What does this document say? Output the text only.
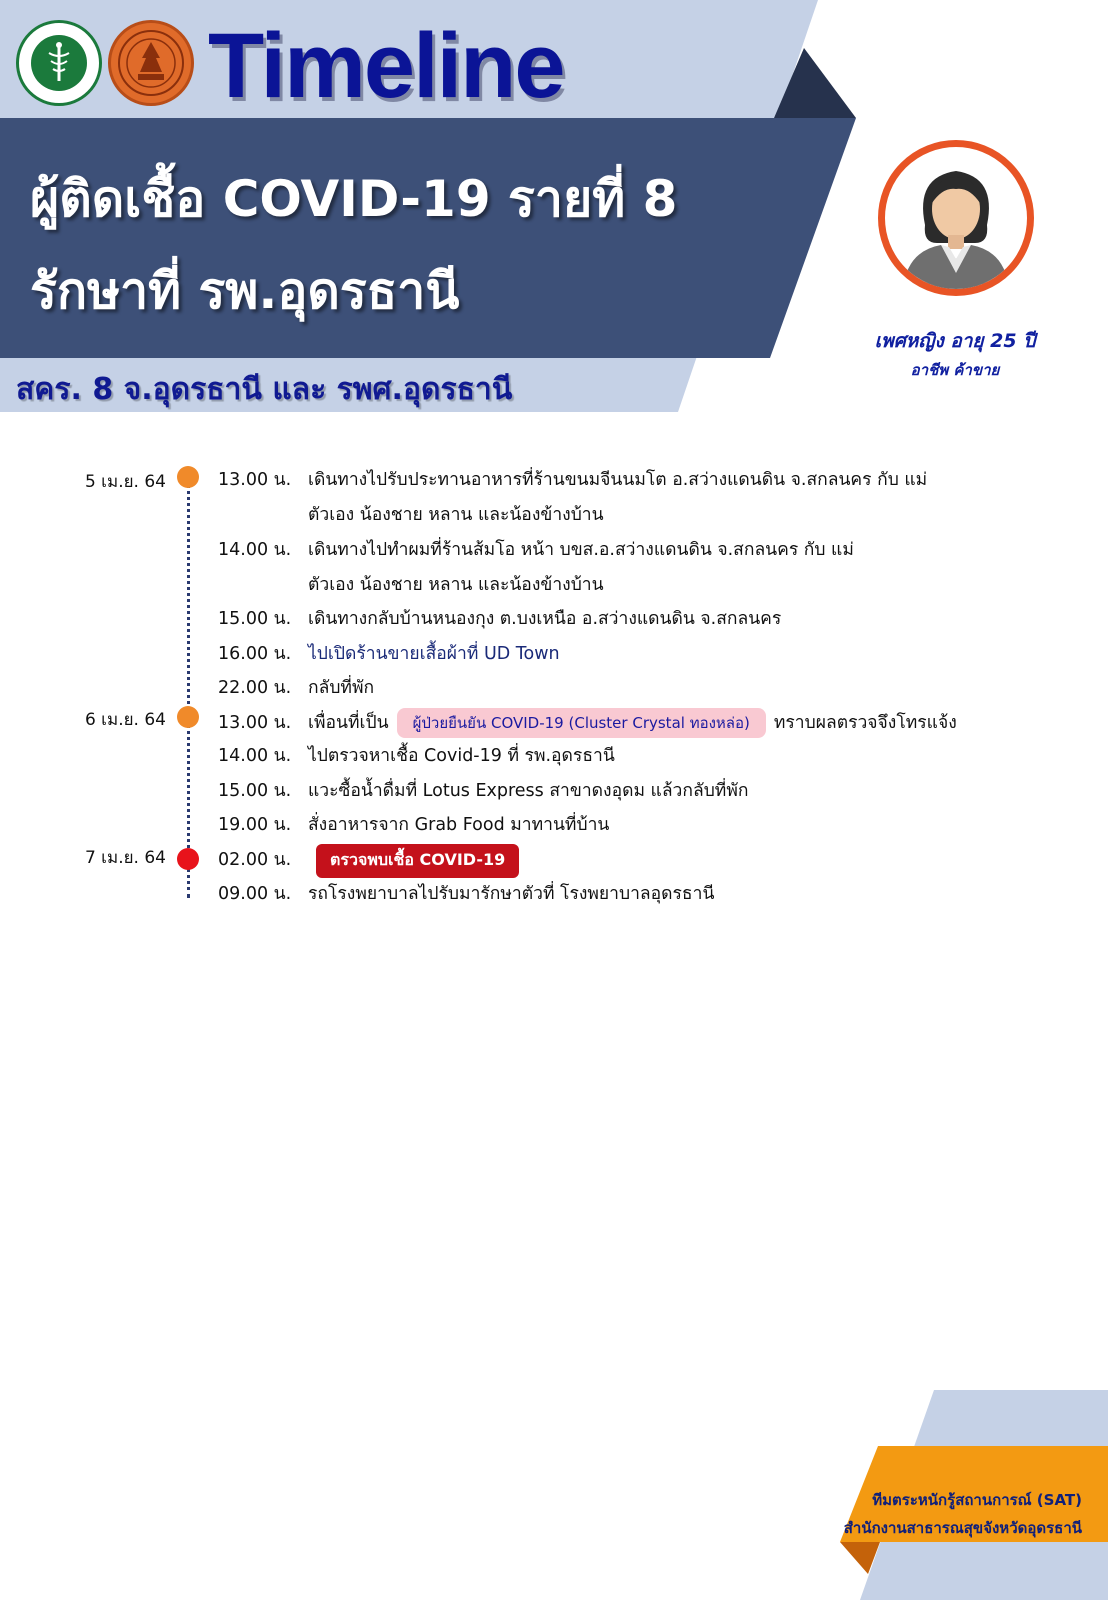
Timeline
ผู้ติดเชื้อ COVID-19 รายที่ 8
รักษาที่ รพ.อุดรธานี
สคร. 8 จ.อุดรธานี และ รพศ.อุดรธานี
เพศหญิง อายุ 25 ปี
อาชีพ ค้าขาย
5 เม.ย. 64
6 เม.ย. 64
7 เม.ย. 64
13.00 น. เดินทางไปรับประทานอาหารที่ร้านขนมจีนนมโต อ.สว่างแดนดิน จ.สกลนคร กับ แม่
ตัวเอง น้องชาย หลาน และน้องข้างบ้าน
14.00 น. เดินทางไปทำผมที่ร้านส้มโอ หน้า บขส.อ.สว่างแดนดิน จ.สกลนคร กับ แม่
ตัวเอง น้องชาย หลาน และน้องข้างบ้าน
15.00 น. เดินทางกลับบ้านหนองกุง ต.บงเหนือ อ.สว่างแดนดิน จ.สกลนคร
16.00 น. ไปเปิดร้านขายเสื้อผ้าที่ UD Town
22.00 น. กลับที่พัก
13.00 น. เพื่อนที่เป็น ผู้ป่วยยืนยัน COVID-19 (Cluster Crystal ทองหล่อ) ทราบผลตรวจจึงโทรแจ้ง
14.00 น. ไปตรวจหาเชื้อ Covid-19 ที่ รพ.อุดรธานี
15.00 น. แวะซื้อน้ำดื่มที่ Lotus Express สาขาดงอุดม แล้วกลับที่พัก
19.00 น. สั่งอาหารจาก Grab Food มาทานที่บ้าน
02.00 น. ตรวจพบเชื้อ COVID-19
09.00 น. รถโรงพยาบาลไปรับมารักษาตัวที่ โรงพยาบาลอุดรธานี
ทีมตระหนักรู้สถานการณ์ (SAT)
สำนักงานสาธารณสุขจังหวัดอุดรธานี
